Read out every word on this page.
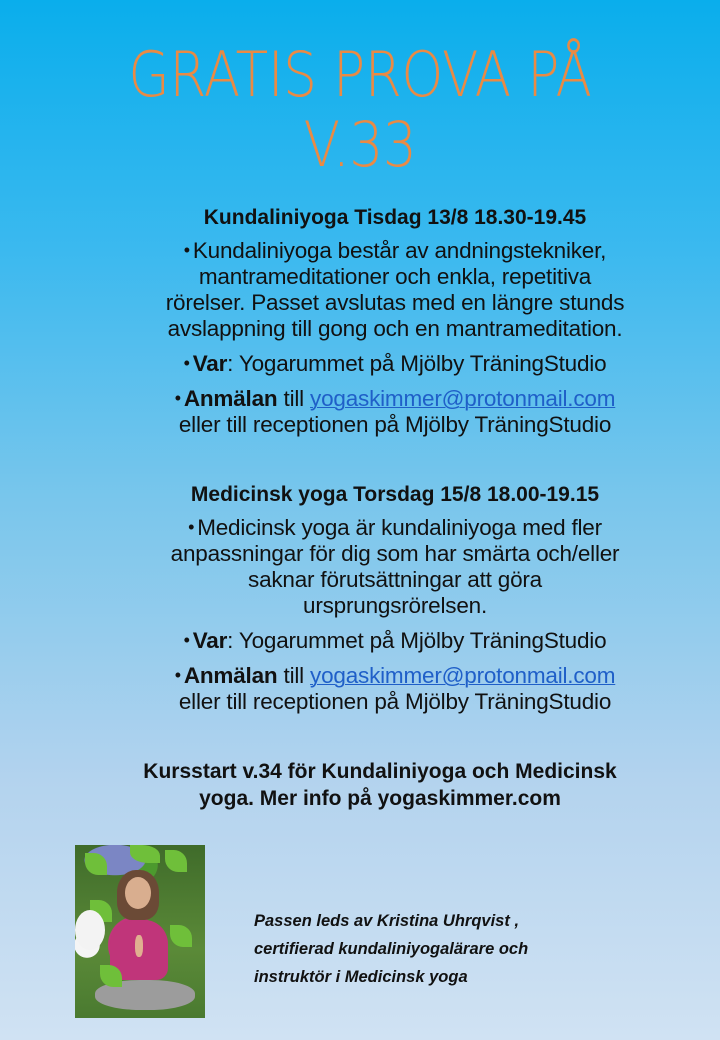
GRATIS PROVA PÅ
V.33
Kundaliniyoga Tisdag 13/8 18.30-19.45
• Kundaliniyoga består av andningstekniker,
mantrameditationer och enkla, repetitiva
rörelser. Passet avslutas med en längre stunds
avslappning till gong och en mantrameditation.
• Var: Yogarummet på Mjölby TräningStudio
• Anmälan till yogaskimmer@protonmail.com
eller till receptionen på Mjölby TräningStudio
Medicinsk yoga Torsdag 15/8 18.00-19.15
• Medicinsk yoga är kundaliniyoga med fler
anpassningar för dig som har smärta och/eller
saknar förutsättningar att göra
ursprungsrörelsen.
• Var: Yogarummet på Mjölby TräningStudio
• Anmälan till yogaskimmer@protonmail.com
eller till receptionen på Mjölby TräningStudio
Kursstart v.34 för Kundaliniyoga och Medicinsk
yoga. Mer info på yogaskimmer.com
Passen leds av Kristina Uhrqvist ,
certifierad kundaliniyogalärare och
instruktör i Medicinsk yoga
